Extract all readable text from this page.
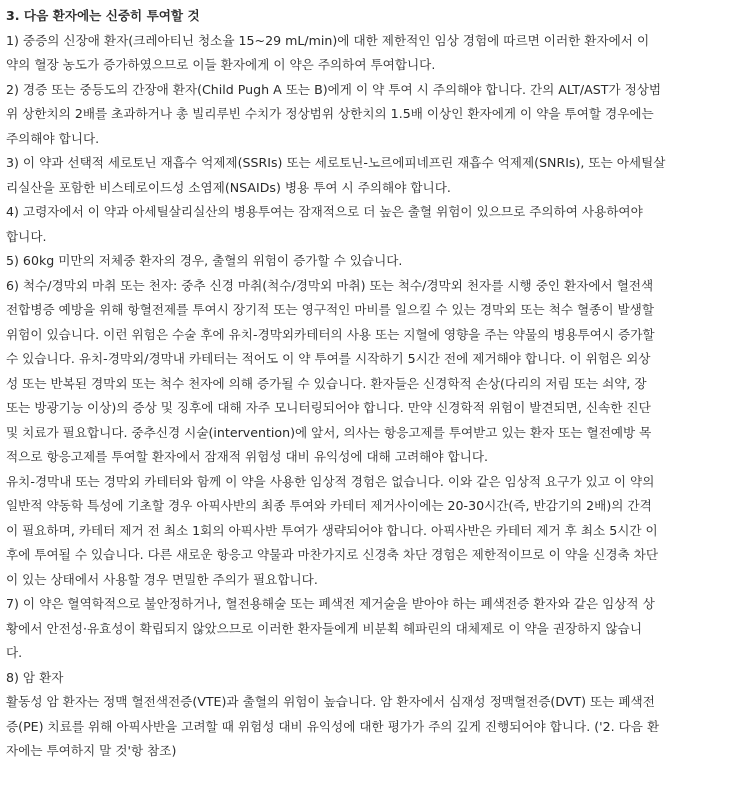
3. 다음 환자에는 신중히 투여할 것

1) 중증의 신장애 환자(크레아티닌 청소율 15~29 mL/min)에 대한 제한적인 임상 경험에 따르면 이러한 환자에서 이
약의 혈장 농도가 증가하였으므로 이들 환자에게 이 약은 주의하여 투여합니다.

2) 경증 또는 중등도의 간장애 환자(Child Pugh A 또는 B)에게 이 약 투여 시 주의해야 합니다. 간의 ALT/AST가 정상범
위 상한치의 2배를 초과하거나 총 빌리루빈 수치가 정상범위 상한치의 1.5배 이상인 환자에게 이 약을 투여할 경우에는
주의해야 합니다.

3) 이 약과 선택적 세로토닌 재흡수 억제제(SSRIs) 또는 세로토닌-노르에피네프린 재흡수 억제제(SNRIs), 또는 아세틸살
리실산을 포함한 비스테로이드성 소염제(NSAIDs) 병용 투여 시 주의해야 합니다.

4) 고령자에서 이 약과 아세틸살리실산의 병용투여는 잠재적으로 더 높은 출혈 위험이 있으므로 주의하여 사용하여야
합니다.

5) 60kg 미만의 저체중 환자의 경우, 출혈의 위험이 증가할 수 있습니다.

6) 척수/경막외 마취 또는 천자: 중추 신경 마취(척수/경막외 마취) 또는 척수/경막외 천자를 시행 중인 환자에서 혈전색
전합병증 예방을 위해 항혈전제를 투여시 장기적 또는 영구적인 마비를 일으킬 수 있는 경막외 또는 척수 혈종이 발생할
위험이 있습니다. 이런 위험은 수술 후에 유치-경막외카테터의 사용 또는 지혈에 영향을 주는 약물의 병용투여시 증가할
수 있습니다. 유치-경막외/경막내 카테터는 적어도 이 약 투여를 시작하기 5시간 전에 제거해야 합니다. 이 위험은 외상
성 또는 반복된 경막외 또는 척수 천자에 의해 증가될 수 있습니다. 환자들은 신경학적 손상(다리의 저림 또는 쇠약, 장
또는 방광기능 이상)의 증상 및 징후에 대해 자주 모니터링되어야 합니다. 만약 신경학적 위험이 발견되면, 신속한 진단
및 치료가 필요합니다. 중추신경 시술(intervention)에 앞서, 의사는 항응고제를 투여받고 있는 환자 또는 혈전예방 목
적으로 항응고제를 투여할 환자에서 잠재적 위험성 대비 유익성에 대해 고려해야 합니다.

유치-경막내 또는 경막외 카테터와 함께 이 약을 사용한 임상적 경험은 없습니다. 이와 같은 임상적 요구가 있고 이 약의
일반적 약동학 특성에 기초할 경우 아픽사반의 최종 투여와 카테터 제거사이에는 20-30시간(즉, 반감기의 2배)의 간격
이 필요하며, 카테터 제거 전 최소 1회의 아픽사반 투여가 생략되어야 합니다. 아픽사반은 카테터 제거 후 최소 5시간 이
후에 투여될 수 있습니다. 다른 새로운 항응고 약물과 마찬가지로 신경축 차단 경험은 제한적이므로 이 약을 신경축 차단
이 있는 상태에서 사용할 경우 면밀한 주의가 필요합니다.

7) 이 약은 혈역학적으로 불안정하거나, 혈전용해술 또는 폐색전 제거술을 받아야 하는 폐색전증 환자와 같은 임상적 상
황에서 안전성·유효성이 확립되지 않았으므로 이러한 환자들에게 비분획 헤파린의 대체제로 이 약을 권장하지 않습니
다.

8) 암 환자

활동성 암 환자는 정맥 혈전색전증(VTE)과 출혈의 위험이 높습니다. 암 환자에서 심재성 정맥혈전증(DVT) 또는 폐색전
증(PE) 치료를 위해 아픽사반을 고려할 때 위험성 대비 유익성에 대한 평가가 주의 깊게 진행되어야 합니다. ('2. 다음 환
자에는 투여하지 말 것'항 참조)
